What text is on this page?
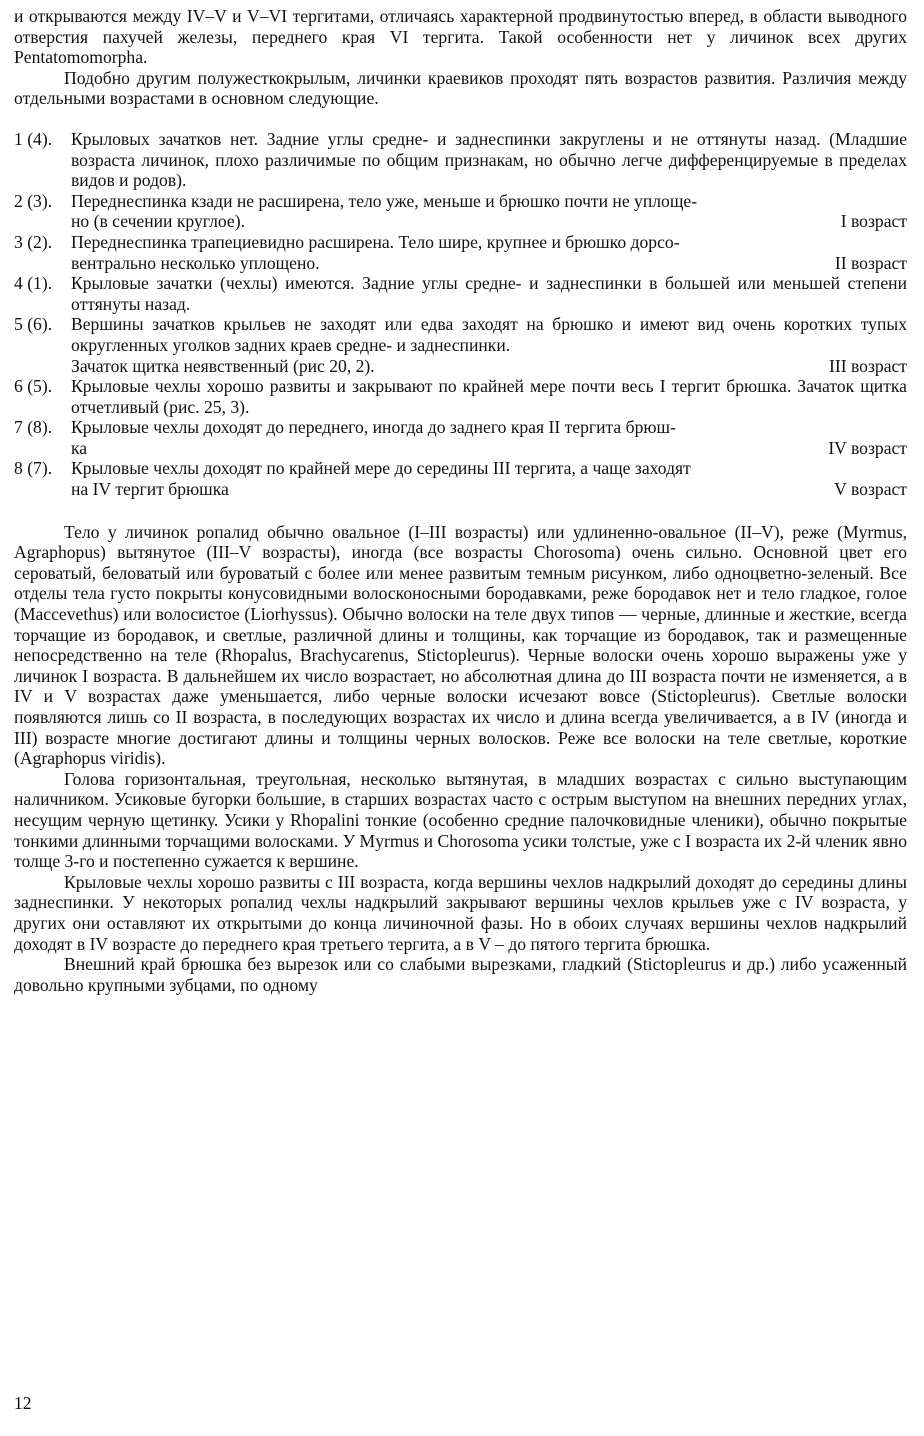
и открываются между IV–V и V–VI тергитами, отличаясь характерной продвинутостью вперед, в области выводного отверстия пахучей железы, переднего края VI тергита. Такой особенности нет у личинок всех других Pentatomomorpha.

Подобно другим полужесткокрылым, личинки краевиков проходят пять возрастов развития. Различия между отдельными возрастами в основном следующие.

1 (4).	Крыловых зачатков нет. Задние углы средне- и заднеспинки закруглены и не оттянуты назад. (Младшие возраста личинок, плохо различимые по общим признакам, но обычно легче дифференцируемые в пределах видов и родов).
2 (3).	Переднеспинка кзади не расширена, тело уже, меньше и брюшко почти не уплоще-
но (в сечении круглое).	I возраст
3 (2).	Переднеспинка трапециевидно расширена. Тело шире, крупнее и брюшко дорсо-
вентрально несколько уплощено.	II возраст
4 (1).	Крыловые зачатки (чехлы) имеются. Задние углы средне- и заднеспинки в большей или меньшей степени оттянуты назад.
5 (6).	Вершины зачатков крыльев не заходят или едва заходят на брюшко и имеют вид очень коротких тупых округленных уголков задних краев средне- и заднеспинки.
Зачаток щитка неявственный (рис 20, 2).	III возраст
6 (5).	Крыловые чехлы хорошо развиты и закрывают по крайней мере почти весь I тергит брюшка. Зачаток щитка отчетливый (рис. 25, 3).
7 (8).	Крыловые чехлы доходят до переднего, иногда до заднего края II тергита брюш-
ка	IV возраст
8 (7).	Крыловые чехлы доходят по крайней мере до середины III тергита, а чаще заходят
на IV тергит брюшка	V возраст

Тело у личинок ропалид обычно овальное (I–III возрасты) или удлиненно-овальное (II–V), реже (Myrmus, Agraphopus) вытянутое (III–V возрасты), иногда (все возрасты Chorosoma) очень сильно. Основной цвет его сероватый, беловатый или буроватый с более или менее развитым темным рисунком, либо одноцветно-зеленый. Все отделы тела густо покрыты конусовидными волосконосными бородавками, реже бородавок нет и тело гладкое, голое (Maccevethus) или волосистое (Liorhyssus). Обычно волоски на теле двух типов — черные, длинные и жесткие, всегда торчащие из бородавок, и светлые, различной длины и толщины, как торчащие из бородавок, так и размещенные непосредственно на теле (Rhopalus, Brachycarenus, Stictopleurus). Черные волоски очень хорошо выражены уже у личинок I возраста. В дальнейшем их число возрастает, но абсолютная длина до III возраста почти не изменяется, а в IV и V возрастах даже уменьшается, либо черные волоски исчезают вовсе (Stictopleurus). Светлые волоски появляются лишь со II возраста, в последующих возрастах их число и длина всегда увеличивается, а в IV (иногда и III) возрасте многие достигают длины и толщины черных волосков. Реже все волоски на теле светлые, короткие (Agraphopus viridis).

Голова горизонтальная, треугольная, несколько вытянутая, в младших возрастах с сильно выступающим наличником. Усиковые бугорки большие, в старших возрастах часто с острым выступом на внешних передних углах, несущим черную щетинку. Усики у Rhopalini тонкие (особенно средние палочковидные членики), обычно покрытые тонкими длинными торчащими волосками. У Myrmus и Chorosoma усики толстые, уже с I возраста их 2-й членик явно толще 3-го и постепенно сужается к вершине.

Крыловые чехлы хорошо развиты с III возраста, когда вершины чехлов надкрылий доходят до середины длины заднеспинки. У некоторых ропалид чехлы надкрылий закрывают вершины чехлов крыльев уже с IV возраста, у других они оставляют их открытыми до конца личиночной фазы. Но в обоих случаях вершины чехлов надкрылий доходят в IV возрасте до переднего края третьего тергита, а в V – до пятого тергита брюшка.

Внешний край брюшка без вырезок или со слабыми вырезками, гладкий (Stictopleurus и др.) либо усаженный довольно крупными зубцами, по одному

12
